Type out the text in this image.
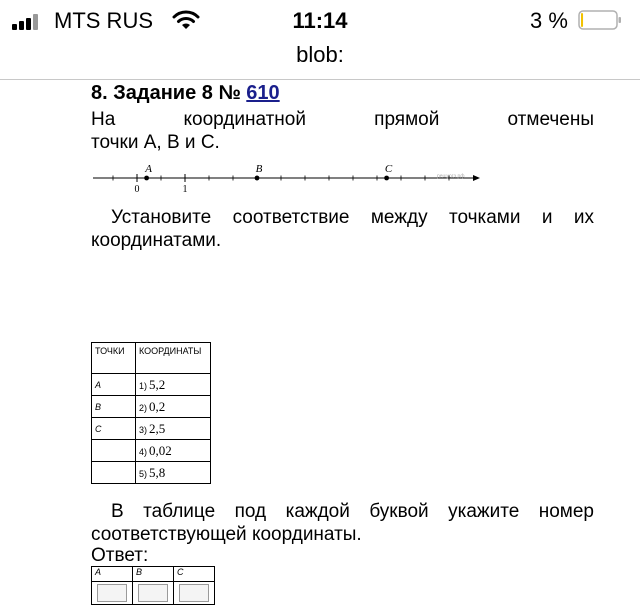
MTS RUS	11:14	3 %
blob:
8. Задание 8 № 610
На координатной прямой отмечены
точки A, B и C.
решуогэ.рф
0	1
A	B	C
Установите соответствие между точками и их координатами.
ТОЧКИ	КООРДИНАТЫ
A	1) 5,2
B	2) 0,2
C	3) 2,5
	4) 0,02
	5) 5,8
В таблице под каждой буквой укажите номер соответствующей координаты.
Ответ:
A	B	C
